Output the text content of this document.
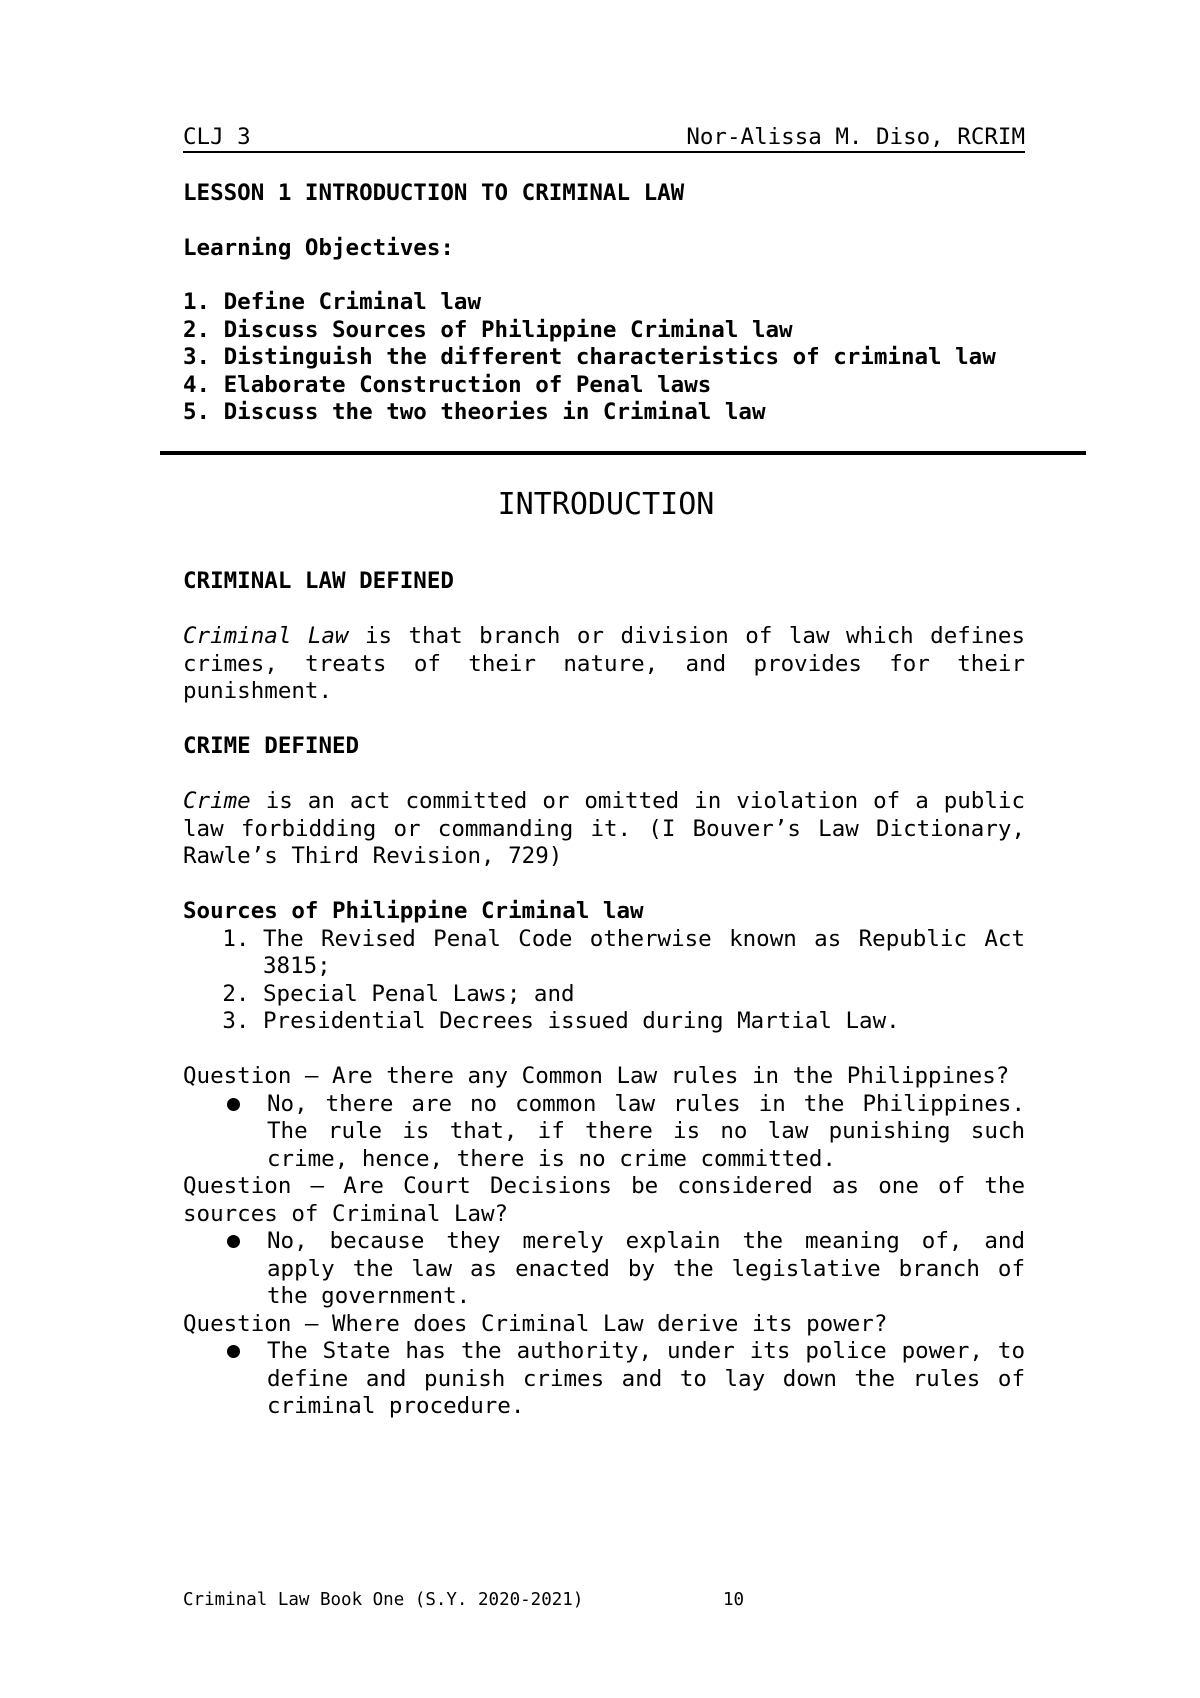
CLJ 3	Nor-Alissa M. Diso, RCRIM
LESSON 1 INTRODUCTION TO CRIMINAL LAW
Learning Objectives:
1. Define Criminal law
2. Discuss Sources of Philippine Criminal law
3. Distinguish the different characteristics of criminal law
4. Elaborate Construction of Penal laws
5. Discuss the two theories in Criminal law
INTRODUCTION
CRIMINAL LAW DEFINED
Criminal Law is that branch or division of law which defines crimes, treats of their nature, and provides for their punishment.
CRIME DEFINED
Crime is an act committed or omitted in violation of a public law forbidding or commanding it. (I Bouver’s Law Dictionary, Rawle’s Third Revision, 729)
Sources of Philippine Criminal law
1. The Revised Penal Code otherwise known as Republic Act 3815;
2. Special Penal Laws; and
3. Presidential Decrees issued during Martial Law.
Question – Are there any Common Law rules in the Philippines?
No, there are no common law rules in the Philippines. The rule is that, if there is no law punishing such crime, hence, there is no crime committed.
Question – Are Court Decisions be considered as one of the sources of Criminal Law?
No, because they merely explain the meaning of, and apply the law as enacted by the legislative branch of the government.
Question – Where does Criminal Law derive its power?
The State has the authority, under its police power, to define and punish crimes and to lay down the rules of criminal procedure.
Criminal Law Book One (S.Y. 2020-2021)	10
